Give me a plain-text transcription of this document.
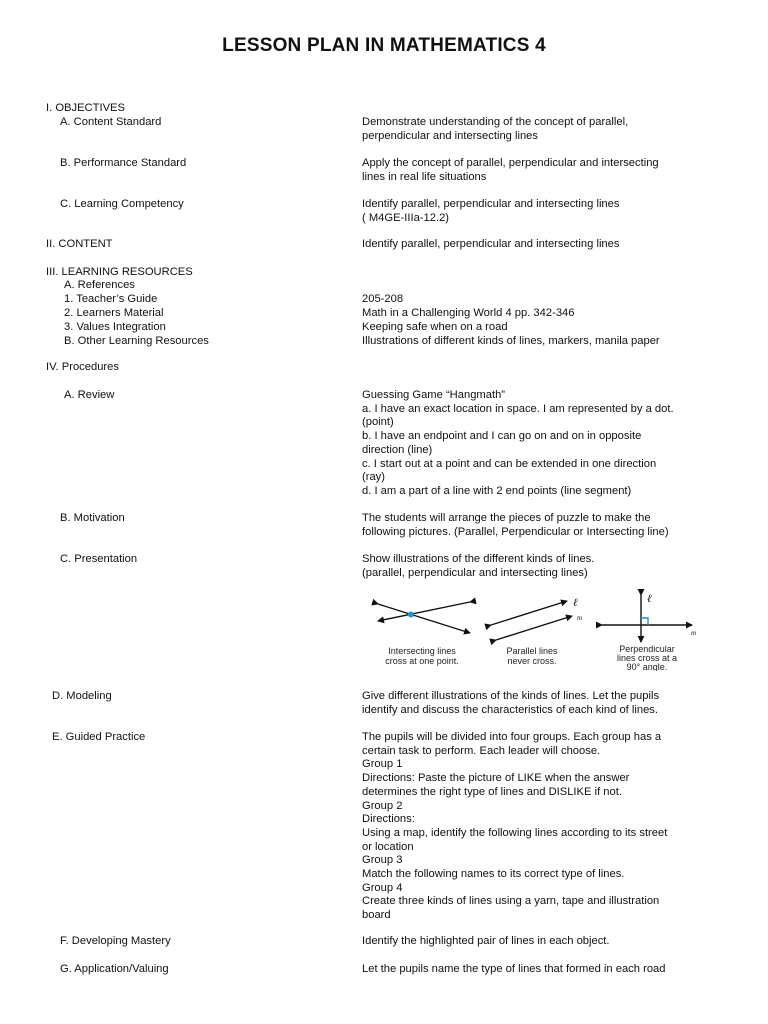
LESSON PLAN IN MATHEMATICS 4
I. OBJECTIVES
A. Content Standard	Demonstrate understanding of the concept of parallel,
perpendicular and intersecting lines
B. Performance Standard	Apply the concept of parallel, perpendicular and intersecting
lines in real life situations
C. Learning Competency	Identify parallel, perpendicular and intersecting lines
( M4GE-IIIa-12.2)
II. CONTENT	Identify parallel, perpendicular and intersecting lines
III. LEARNING RESOURCES
A. References
1. Teacher’s Guide	205-208
2. Learners Material	Math in a Challenging World 4 pp. 342-346
3. Values Integration	Keeping safe when on a road
B. Other Learning Resources	Illustrations of different kinds of lines, markers, manila paper
IV. Procedures
A. Review	Guessing Game “Hangmath”
a. I have an exact location in space. I am represented by a dot.
(point)
b. I have an endpoint and I can go on and on in opposite
direction (line)
c. I start out at a point and can be extended in one direction
(ray)
d. I am a part of a line with 2 end points (line segment)
B. Motivation	The students will arrange the pieces of puzzle to make the
following pictures. (Parallel, Perpendicular or Intersecting line)
C. Presentation	Show illustrations of the different kinds of lines.
(parallel, perpendicular and intersecting lines)
Intersecting lines
cross at one point.
ℓ
m
Parallel lines
never cross.
ℓ
m
Perpendicular
lines cross at a
90° angle.
D. Modeling	Give different illustrations of the kinds of lines. Let the pupils
identify and discuss the characteristics of each kind of lines.
E. Guided Practice	The pupils will be divided into four groups. Each group has a
certain task to perform. Each leader will choose.
Group 1
Directions: Paste the picture of LIKE when the answer
determines the right type of lines and DISLIKE if not.
Group 2
Directions:
Using a map, identify the following lines according to its street
or location
Group 3
Match the following names to its correct type of lines.
Group 4
Create three kinds of lines using a yarn, tape and illustration
board
F. Developing Mastery	Identify the highlighted pair of lines in each object.
G. Application/Valuing	Let the pupils name the type of lines that formed in each road
